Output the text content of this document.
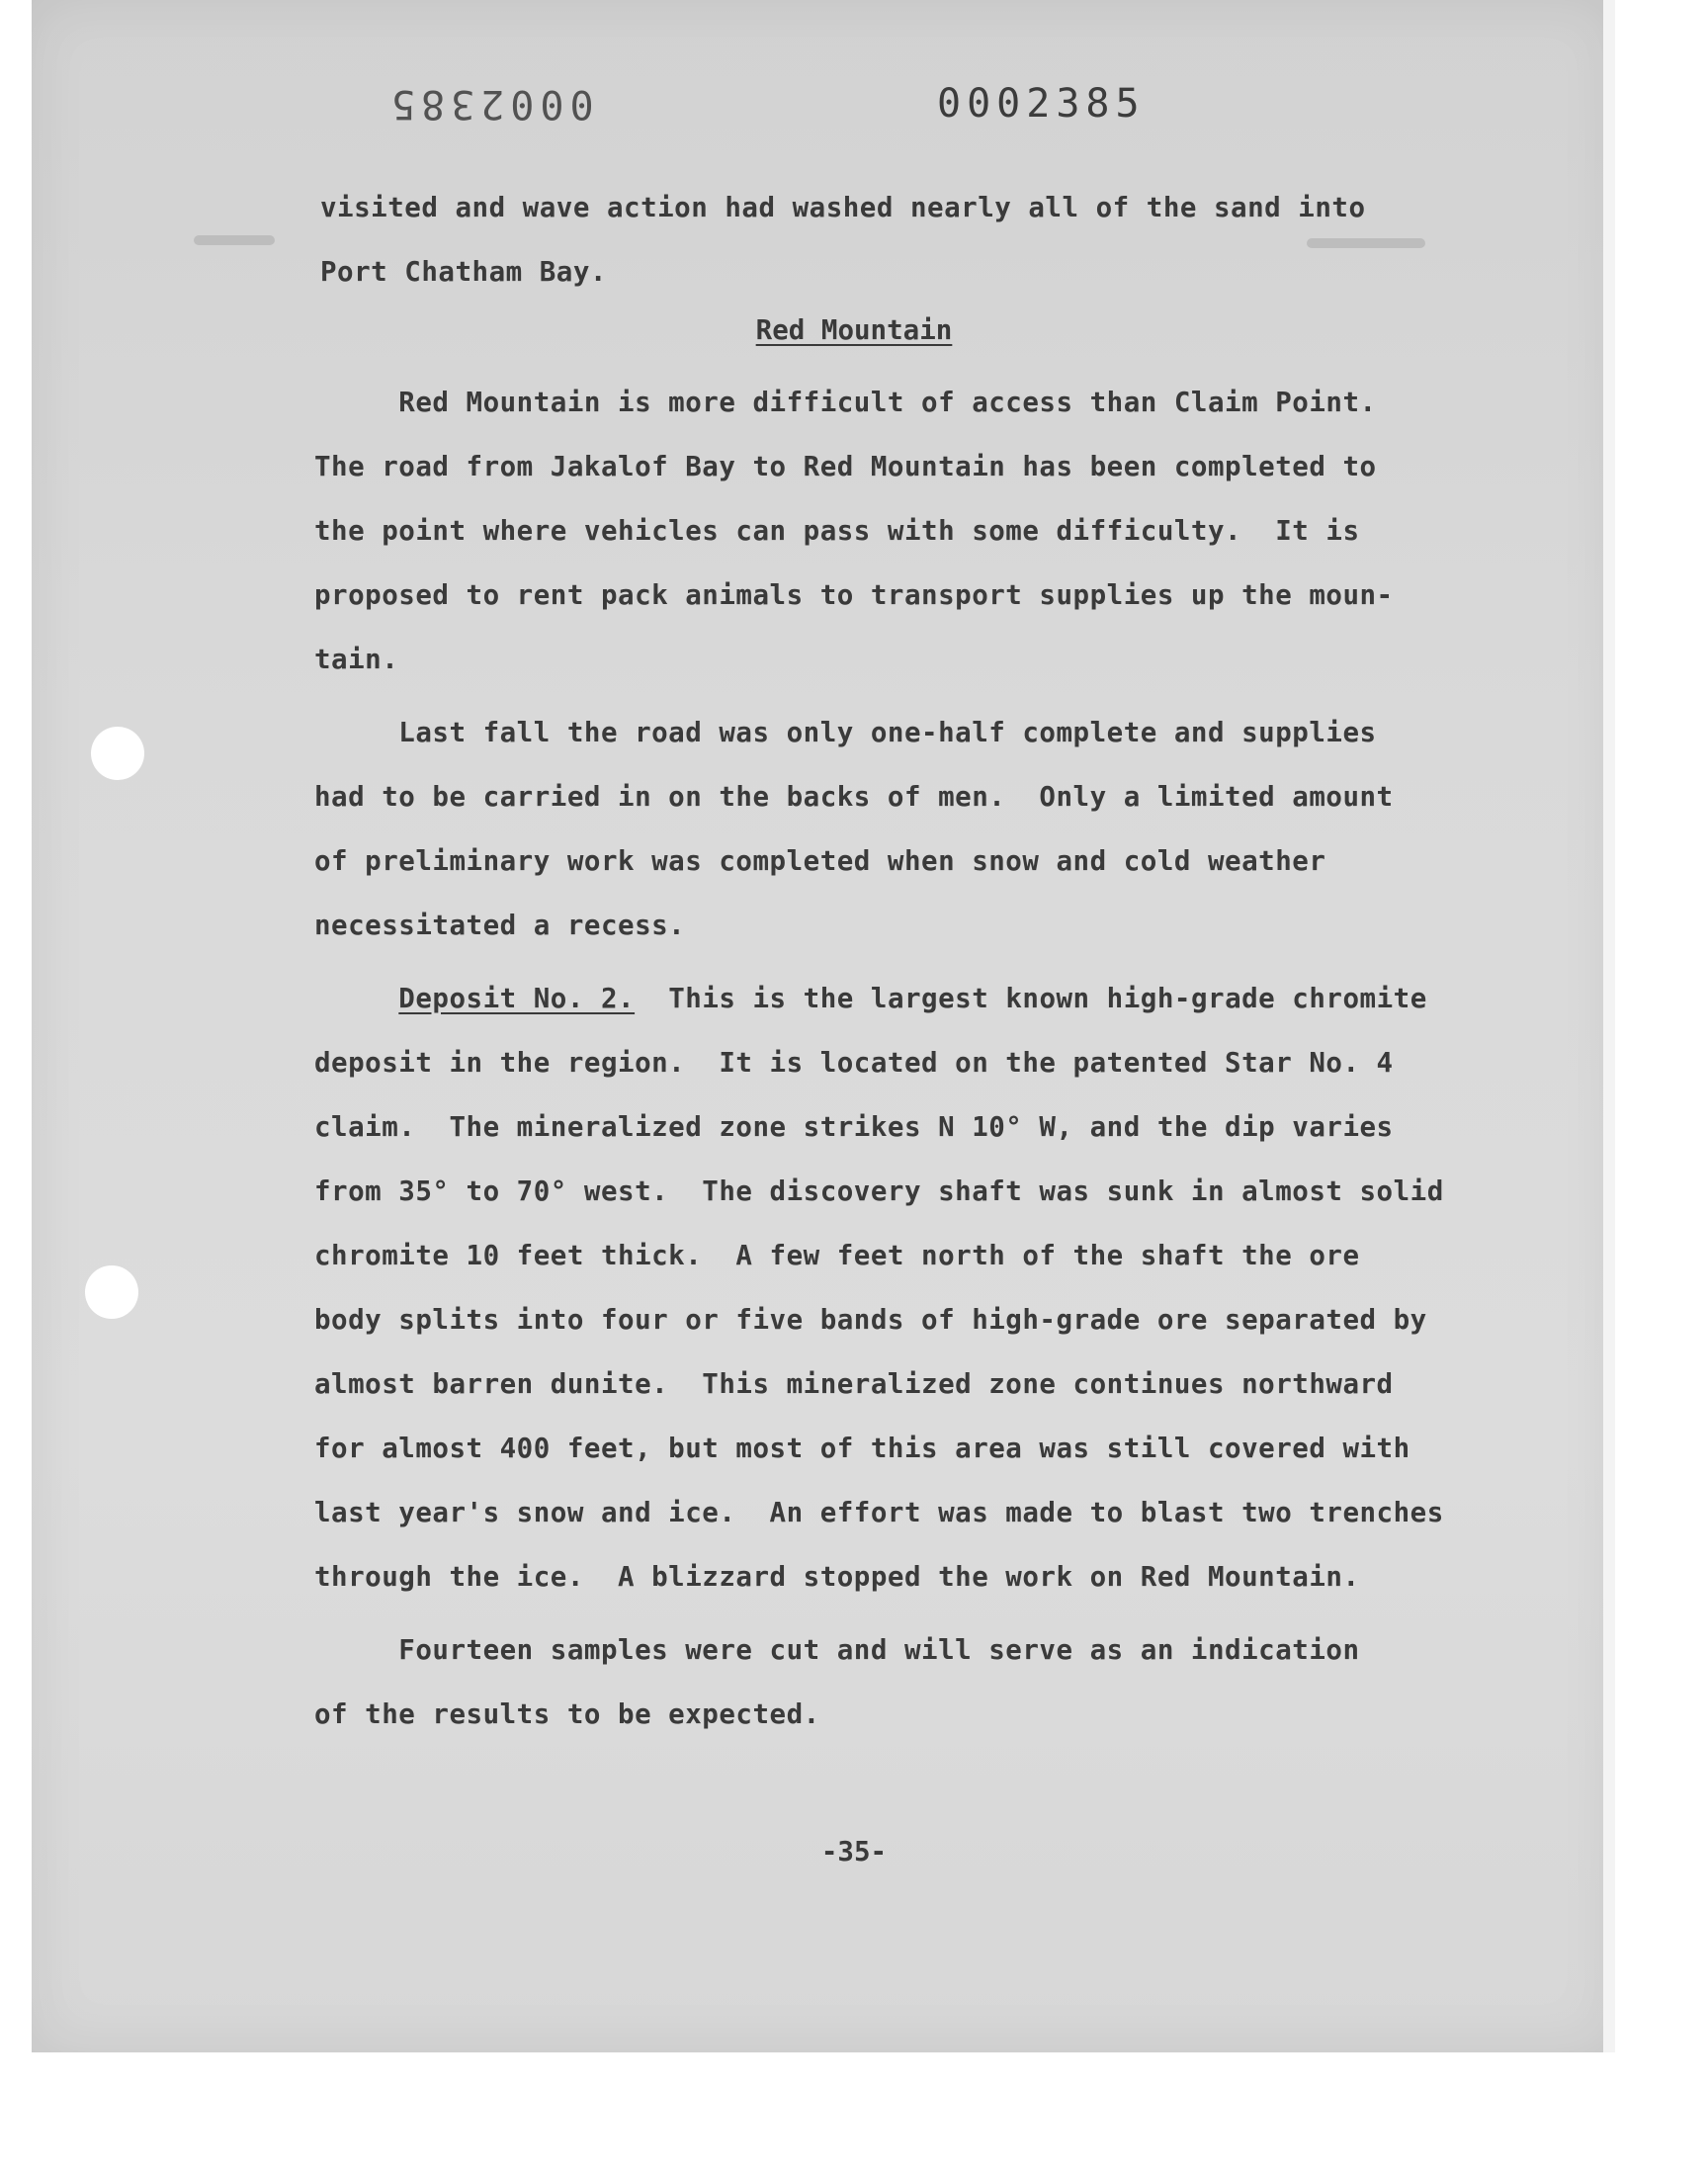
0002385	0002385
visited and wave action had washed nearly all of the sand into
Port Chatham Bay.
Red Mountain
Red Mountain is more difficult of access than Claim Point.
The road from Jakalof Bay to Red Mountain has been completed to
the point where vehicles can pass with some difficulty.  It is
proposed to rent pack animals to transport supplies up the moun-
tain.
Last fall the road was only one-half complete and supplies
had to be carried in on the backs of men.  Only a limited amount
of preliminary work was completed when snow and cold weather
necessitated a recess.
Deposit No. 2.  This is the largest known high-grade chromite
deposit in the region.  It is located on the patented Star No. 4
claim.  The mineralized zone strikes N 10° W, and the dip varies
from 35° to 70° west.  The discovery shaft was sunk in almost solid
chromite 10 feet thick.  A few feet north of the shaft the ore
body splits into four or five bands of high-grade ore separated by
almost barren dunite.  This mineralized zone continues northward
for almost 400 feet, but most of this area was still covered with
last year's snow and ice.  An effort was made to blast two trenches
through the ice.  A blizzard stopped the work on Red Mountain.
Fourteen samples were cut and will serve as an indication
of the results to be expected.
-35-
